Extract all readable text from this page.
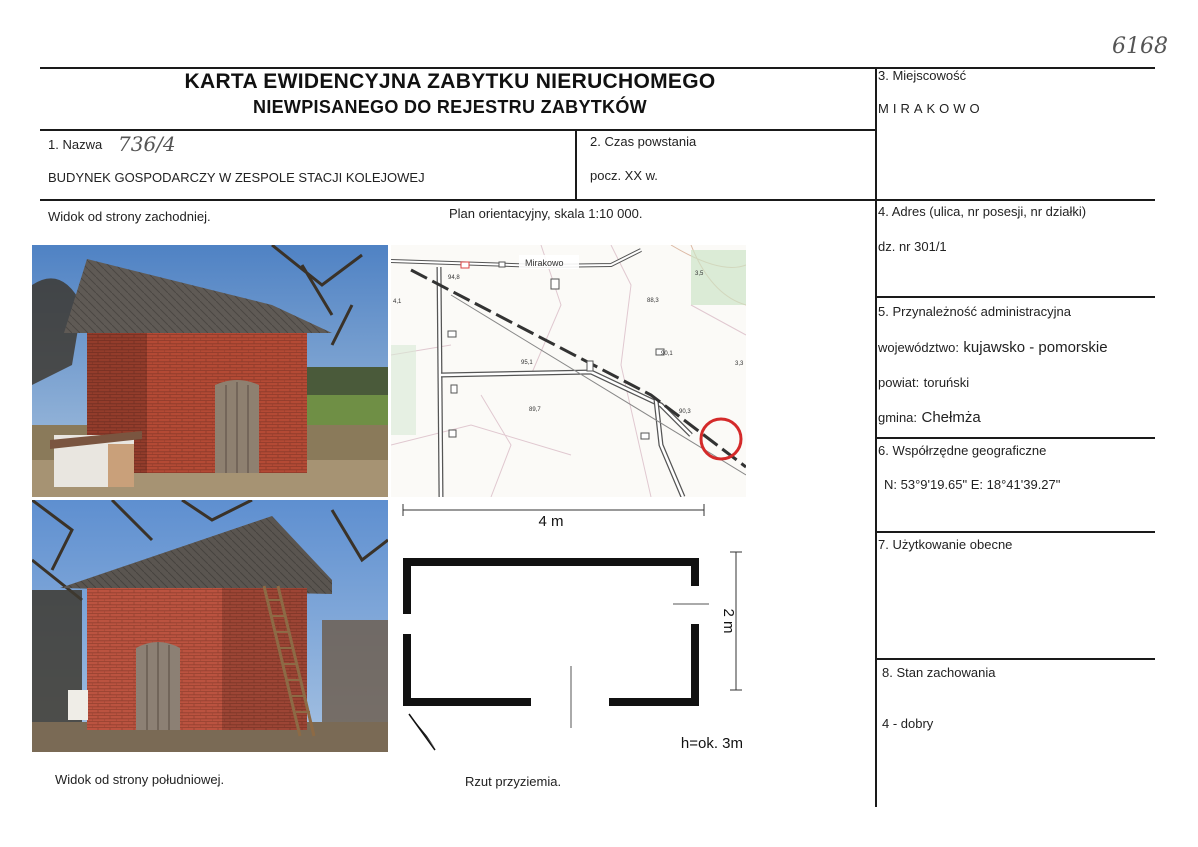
6168
KARTA EWIDENCYJNA ZABYTKU NIERUCHOMEGO
NIEWPISANEGO DO REJESTRU ZABYTKÓW
1. Nazwa 736/4
BUDYNEK GOSPODARCZY W ZESPOLE STACJI KOLEJOWEJ
2. Czas powstania
pocz. XX w.
3. Miejscowość
MIRAKOWO
4. Adres (ulica, nr posesji, nr działki)
dz. nr 301/1
5. Przynależność administracyjna
województwo: kujawsko - pomorskie
powiat: toruński
gmina: Chełmża
6. Współrzędne geograficzne
N: 53°9'19.65" E: 18°41'39.27"
7. Użytkowanie obecne
8. Stan zachowania
4 - dobry
Widok od strony zachodniej.	Plan orientacyjny, skala 1:10 000.
Widok od strony południowej.	Rzut przyziemia.
Mirakowo
94,8
88,3
95,1
90,1
89,7	90,3
3,5
3,3
4,1
4 m
2 m
h=ok. 3m
